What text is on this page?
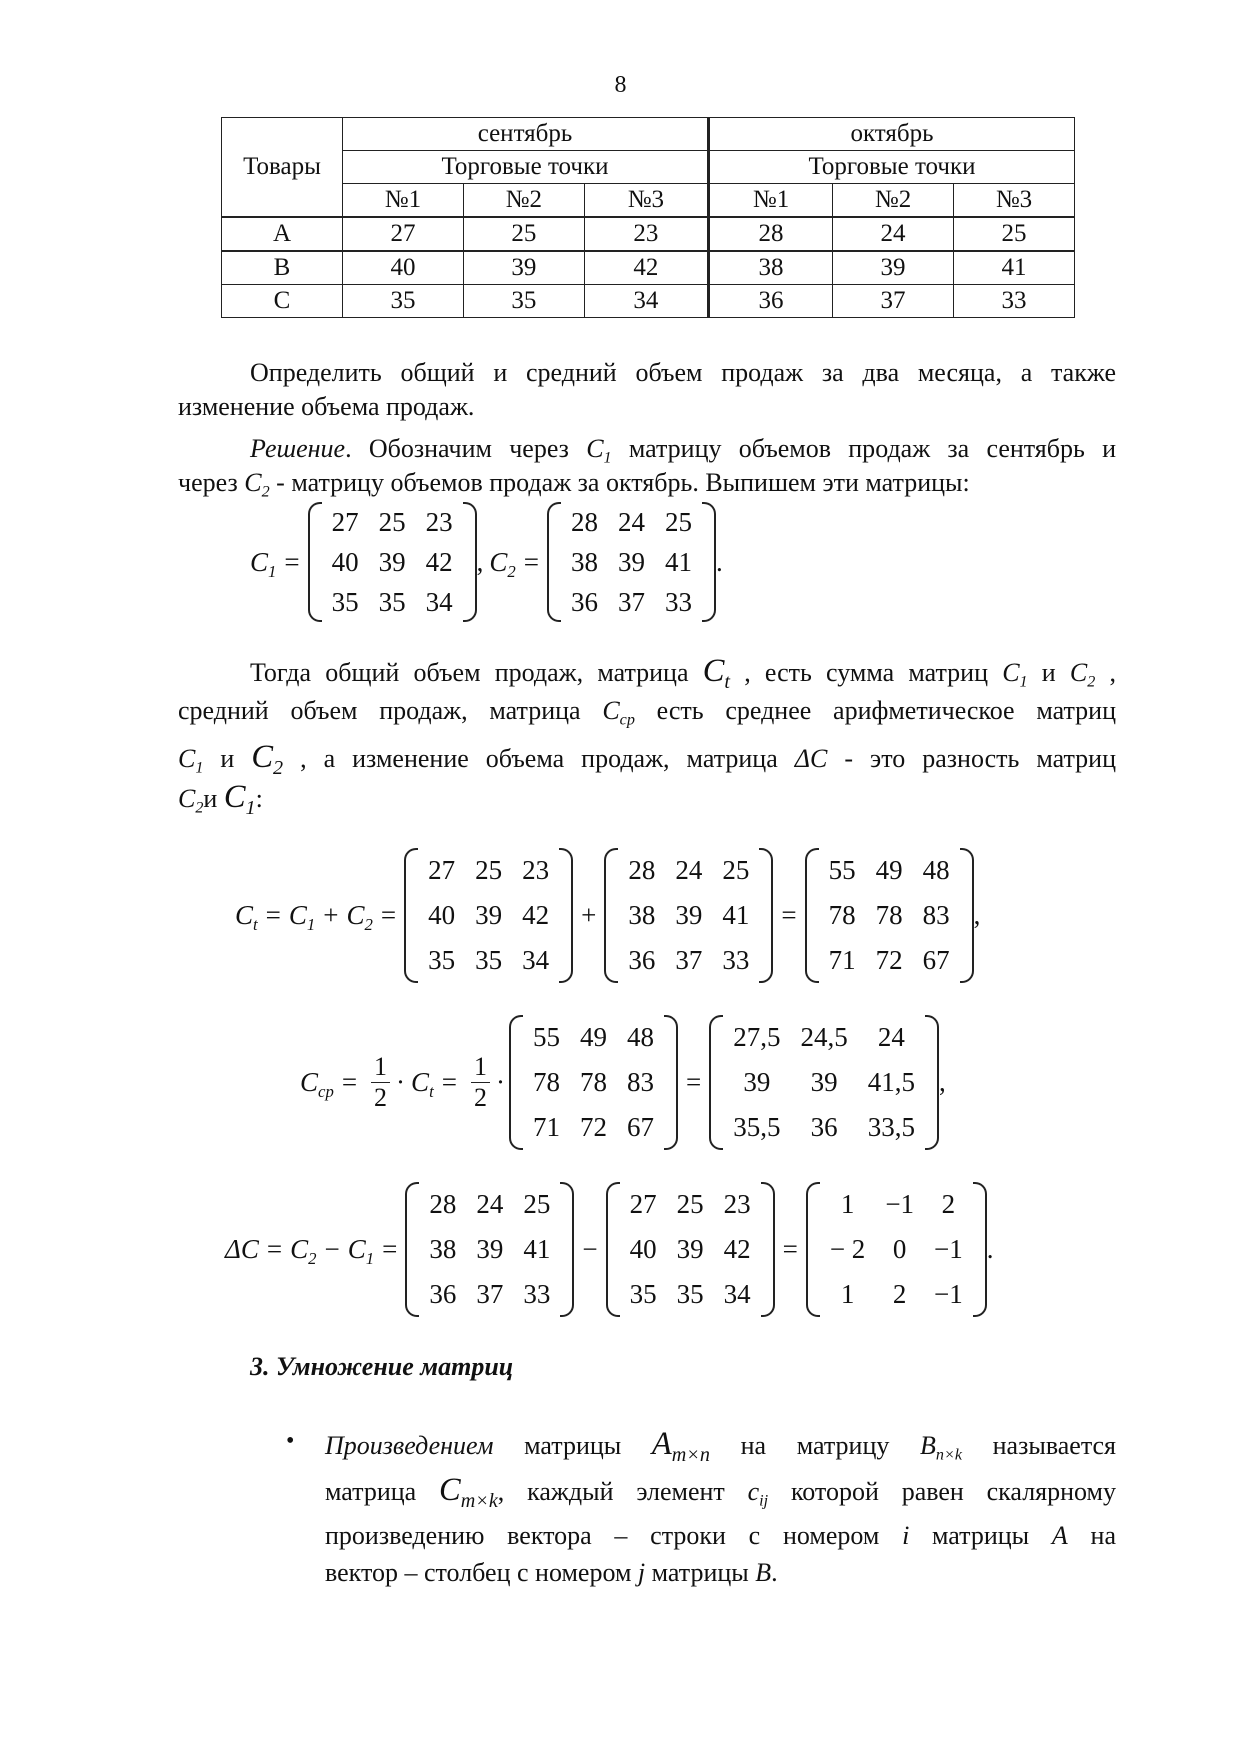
8
Товары	сентябрь			октябрь		
	Торговые точки			Торговые точки		
	№1	№2	№3	№1	№2	№3
A	27	25	23	28	24	25
B	40	39	42	38	39	41
C	35	35	34	36	37	33
Определить общий и средний объем продаж за два месяца, а также изменение объема продаж.
Решение. Обозначим через $C_1$ матрицу объемов продаж за сентябрь и
через $C_2$ - матрицу объемов продаж за октябрь. Выпишем эти матрицы:
$C_1$ =
27	25	23
40	39	42
35	35	34
, $C_2$ =
28	24	25
38	39	41
36	37	33
.
Тогда общий объем продаж, матрица $C_t$ , есть сумма матриц $C_1$ и $C_2$ ,
средний объем продаж, матрица $C_{cp}$ есть среднее арифметическое матриц
$C_1$ и $C_2$ , а изменение объема продаж, матрица ΔC - это разность матриц
$C_2и$ $C_1$:
$C_t = C_1 + C_2$ =
27	25	23
40	39	42
35	35	34
+
28	24	25
38	39	41
36	37	33
=
55	49	48
78	78	83
71	72	67
,
$C_{cp} = \frac{1}{2} \cdot C_t = \frac{1}{2}$ ·
55	49	48
78	78	83
71	72	67
=
27,5	24,5	24
39	39	41,5
35,5	36	33,5
,
$\Delta C = C_2 - C_1$ =
28	24	25
38	39	41
36	37	33
−
27	25	23
40	39	42
35	35	34
=
1	−1	2
− 2	0	−1
1	2	−1
.
3. Умножение матриц
• Произведением матрицы $A_{m\times n}$ на матрицу $B_{n\times k}$ называется
матрица $C_{m\times k}$, каждый элемент $c_{ij}$ которой равен скалярному
произведению вектора – строки с номером i матрицы A на
вектор – столбец с номером j матрицы B.
